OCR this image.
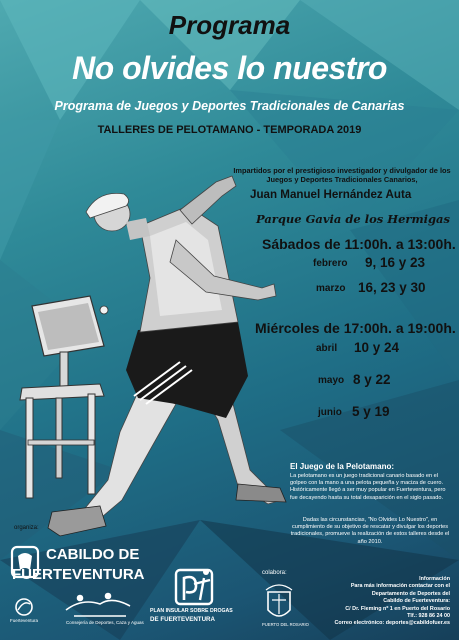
Programa
No olvides lo nuestro
Programa de Juegos y Deportes Tradicionales de Canarias
TALLERES DE PELOTAMANO - TEMPORADA 2019
Impartidos por el prestigioso investigador y divulgador de los Juegos y Deportes Tradicionales Canarios,
Juan Manuel Hernández Auta
Parque Gavia de los Hermigas
Sábados de 11:00h. a 13:00h.
febrero 9, 16 y 23
marzo 16, 23 y 30
Miércoles de 17:00h. a 19:00h.
abril 10 y 24
mayo 8 y 22
junio 5 y 19
El Juego de la Pelotamano:
La pelotamano es un juego tradicional canario basado en el golpeo con la mano a una pelota pequeña y maciza de cuero. Históricamente llegó a ser muy popular en Fuerteventura, pero fue decayendo hasta su total desaparición en el siglo pasado.
Dadas las circunstancias, "No Olvides Lo Nuestro", en cumplimiento de su objetivo de rescatar y divulgar los deportes tradicionales, promueve la realización de estos talleres desde el año 2010.
organiza:
CABILDO DE
FUERTEVENTURA
Fuerteventura	Consejería de Deportes, Caza y Aguas
PLAN INSULAR SOBRE DROGAS
DE FUERTEVENTURA
colabora:
PUERTO DEL ROSARIO
Información
Para más información contactar con el
Departamento de Deportes del
Cabildo de Fuerteventura:
C/ Dr. Fleming nº 1 en Puerto del Rosario
Tlf.: 928 86 24 00
Correo electrónico: deportes@cabildofuer.es
